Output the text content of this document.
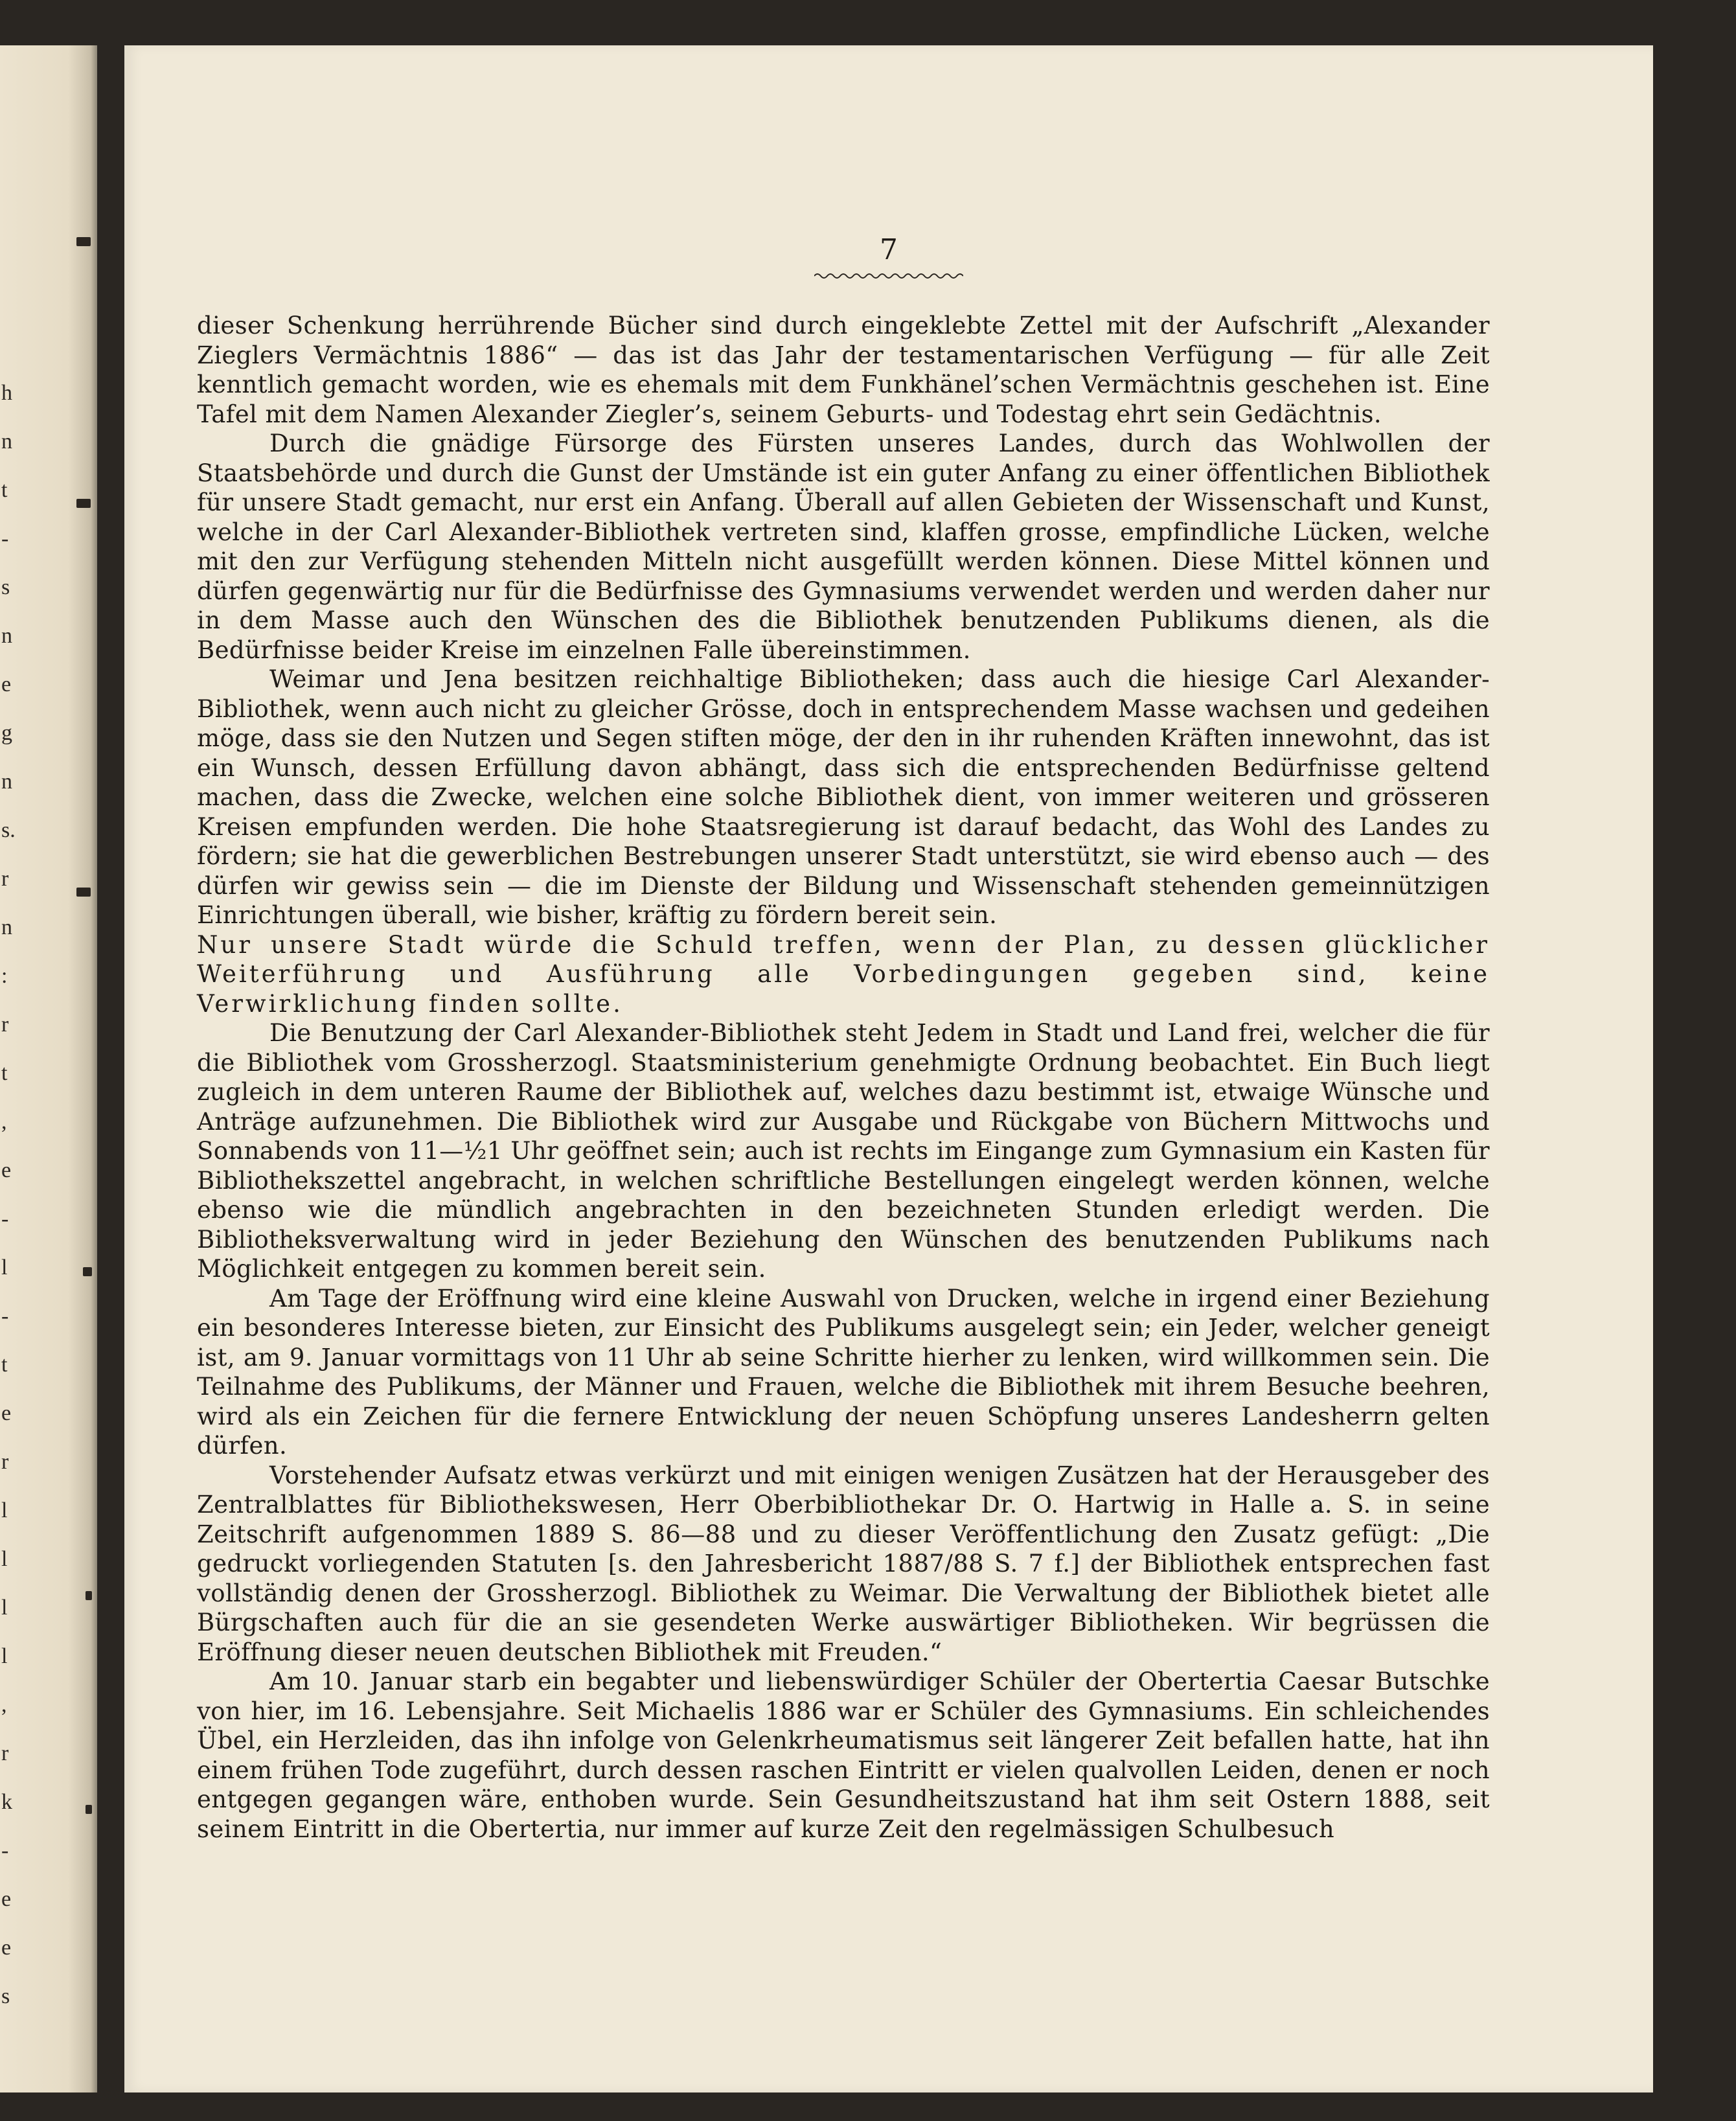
h
n
t
-
s
n
e
g
n
s.
r
n
:
r
t
,
e
-
l
-
t
e
r
l
l
l
l
,
r
k
-
e
e
s
7

dieser Schenkung herrührende Bücher sind durch eingeklebte Zettel mit der Aufschrift „Alexander Zieglers Vermächtnis 1886“ — das ist das Jahr der testamentarischen Verfügung — für alle Zeit kenntlich gemacht worden, wie es ehemals mit dem Funkhänel’schen Vermächtnis geschehen ist. Eine Tafel mit dem Namen Alexander Ziegler’s, seinem Geburts- und Todestag ehrt sein Gedächtnis.

Durch die gnädige Fürsorge des Fürsten unseres Landes, durch das Wohlwollen der Staatsbehörde und durch die Gunst der Umstände ist ein guter Anfang zu einer öffentlichen Bibliothek für unsere Stadt gemacht, nur erst ein Anfang. Überall auf allen Gebieten der Wissenschaft und Kunst, welche in der Carl Alexander-Bibliothek vertreten sind, klaffen grosse, empfindliche Lücken, welche mit den zur Verfügung stehenden Mitteln nicht ausgefüllt werden können. Diese Mittel können und dürfen gegenwärtig nur für die Bedürfnisse des Gymnasiums verwendet werden und werden daher nur in dem Masse auch den Wünschen des die Bibliothek benutzenden Publikums dienen, als die Bedürfnisse beider Kreise im einzelnen Falle übereinstimmen.

Weimar und Jena besitzen reichhaltige Bibliotheken; dass auch die hiesige Carl Alexander-Bibliothek, wenn auch nicht zu gleicher Grösse, doch in entsprechendem Masse wachsen und gedeihen möge, dass sie den Nutzen und Segen stiften möge, der den in ihr ruhenden Kräften innewohnt, das ist ein Wunsch, dessen Erfüllung davon abhängt, dass sich die entsprechenden Bedürfnisse geltend machen, dass die Zwecke, welchen eine solche Bibliothek dient, von immer weiteren und grösseren Kreisen empfunden werden. Die hohe Staatsregierung ist darauf bedacht, das Wohl des Landes zu fördern; sie hat die gewerblichen Bestrebungen unserer Stadt unterstützt, sie wird ebenso auch — des dürfen wir gewiss sein — die im Dienste der Bildung und Wissenschaft stehenden gemeinnützigen Einrichtungen überall, wie bisher, kräftig zu fördern bereit sein.

Nur unsere Stadt würde die Schuld treffen, wenn der Plan, zu dessen glücklicher Weiterführung und Ausführung alle Vorbedingungen gegeben sind, keine Verwirklichung finden sollte.

Die Benutzung der Carl Alexander-Bibliothek steht Jedem in Stadt und Land frei, welcher die für die Bibliothek vom Grossherzogl. Staatsministerium genehmigte Ordnung beobachtet. Ein Buch liegt zugleich in dem unteren Raume der Bibliothek auf, welches dazu bestimmt ist, etwaige Wünsche und Anträge aufzunehmen. Die Bibliothek wird zur Ausgabe und Rückgabe von Büchern Mittwochs und Sonnabends von 11—½1 Uhr geöffnet sein; auch ist rechts im Eingange zum Gymnasium ein Kasten für Bibliothekszettel angebracht, in welchen schriftliche Bestellungen eingelegt werden können, welche ebenso wie die mündlich angebrachten in den bezeichneten Stunden erledigt werden. Die Bibliotheksverwaltung wird in jeder Beziehung den Wünschen des benutzenden Publikums nach Möglichkeit entgegen zu kommen bereit sein.

Am Tage der Eröffnung wird eine kleine Auswahl von Drucken, welche in irgend einer Beziehung ein besonderes Interesse bieten, zur Einsicht des Publikums ausgelegt sein; ein Jeder, welcher geneigt ist, am 9. Januar vormittags von 11 Uhr ab seine Schritte hierher zu lenken, wird willkommen sein. Die Teilnahme des Publikums, der Männer und Frauen, welche die Bibliothek mit ihrem Besuche beehren, wird als ein Zeichen für die fernere Entwicklung der neuen Schöpfung unseres Landesherrn gelten dürfen.

Vorstehender Aufsatz etwas verkürzt und mit einigen wenigen Zusätzen hat der Herausgeber des Zentralblattes für Bibliothekswesen, Herr Oberbibliothekar Dr. O. Hartwig in Halle a. S. in seine Zeitschrift aufgenommen 1889 S. 86—88 und zu dieser Veröffentlichung den Zusatz gefügt: „Die gedruckt vorliegenden Statuten [s. den Jahresbericht 1887/88 S. 7 f.] der Bibliothek entsprechen fast vollständig denen der Grossherzogl. Bibliothek zu Weimar. Die Verwaltung der Bibliothek bietet alle Bürgschaften auch für die an sie gesendeten Werke auswärtiger Bibliotheken. Wir begrüssen die Eröffnung dieser neuen deutschen Bibliothek mit Freuden.“

Am 10. Januar starb ein begabter und liebenswürdiger Schüler der Obertertia Caesar Butschke von hier, im 16. Lebensjahre. Seit Michaelis 1886 war er Schüler des Gymnasiums. Ein schleichendes Übel, ein Herzleiden, das ihn infolge von Gelenkrheumatismus seit längerer Zeit befallen hatte, hat ihn einem frühen Tode zugeführt, durch dessen raschen Eintritt er vielen qualvollen Leiden, denen er noch entgegen gegangen wäre, enthoben wurde. Sein Gesundheitszustand hat ihm seit Ostern 1888, seit seinem Eintritt in die Obertertia, nur immer auf kurze Zeit den regelmässigen Schulbesuch
